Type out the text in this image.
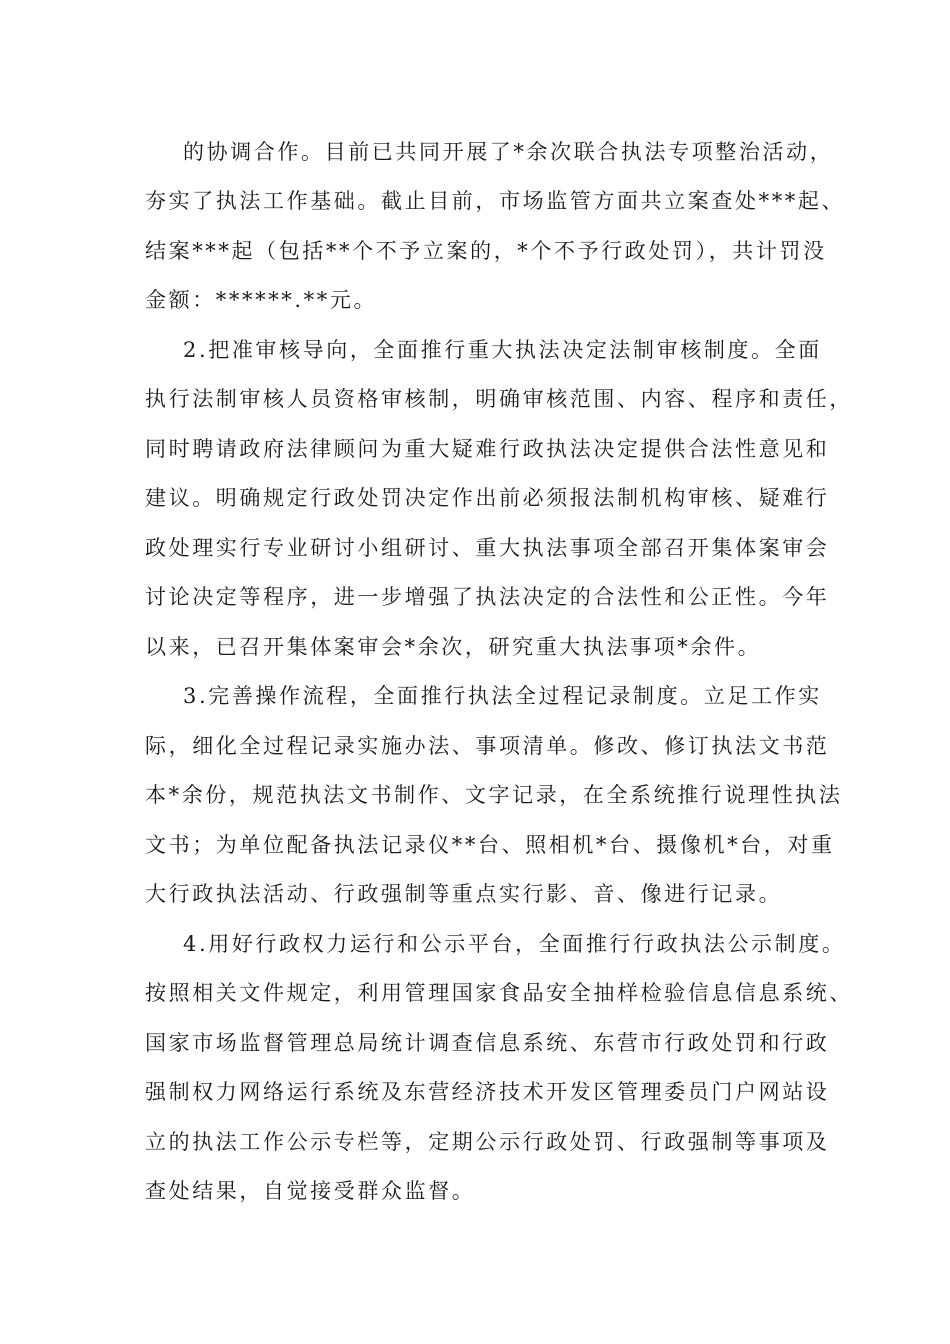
的协调合作。目前已共同开展了*余次联合执法专项整治活动，

夯实了执法工作基础。截止目前，市场监管方面共立案查处***起、

结案***起（包括**个不予立案的，*个不予行政处罚），共计罚没

金额：******.**元。

2.把准审核导向，全面推行重大执法决定法制审核制度。全面

执行法制审核人员资格审核制，明确审核范围、内容、程序和责任，

同时聘请政府法律顾问为重大疑难行政执法决定提供合法性意见和

建议。明确规定行政处罚决定作出前必须报法制机构审核、疑难行

政处理实行专业研讨小组研讨、重大执法事项全部召开集体案审会

讨论决定等程序，进一步增强了执法决定的合法性和公正性。今年

以来，已召开集体案审会*余次，研究重大执法事项*余件。

3.完善操作流程，全面推行执法全过程记录制度。立足工作实

际，细化全过程记录实施办法、事项清单。修改、修订执法文书范

本*余份，规范执法文书制作、文字记录，在全系统推行说理性执法

文书；为单位配备执法记录仪**台、照相机*台、摄像机*台，对重

大行政执法活动、行政强制等重点实行影、音、像进行记录。

4.用好行政权力运行和公示平台，全面推行行政执法公示制度。

按照相关文件规定，利用管理国家食品安全抽样检验信息信息系统、

国家市场监督管理总局统计调查信息系统、东营市行政处罚和行政

强制权力网络运行系统及东营经济技术开发区管理委员门户网站设

立的执法工作公示专栏等，定期公示行政处罚、行政强制等事项及

查处结果，自觉接受群众监督。
